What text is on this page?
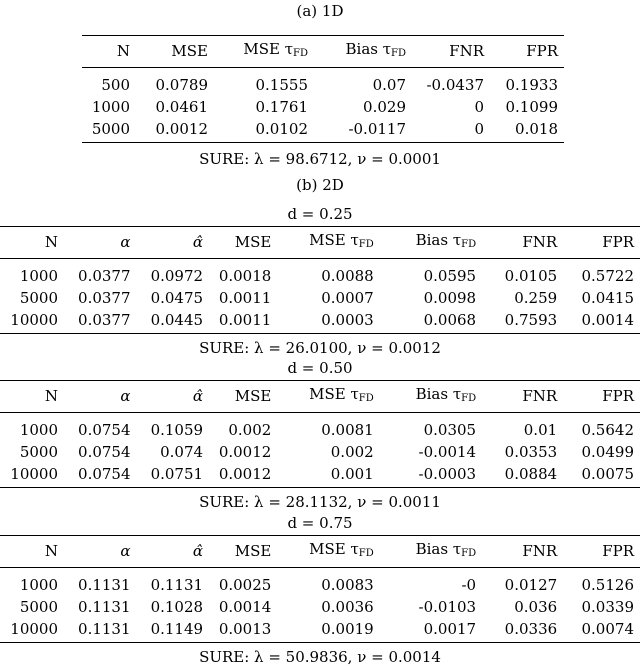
(a) 1D
N	MSE	MSE $\tau_{FD}$	Bias $\tau_{FD}$	FNR	FPR
500	0.0789	0.1555	0.07	-0.0437	0.1933
1000	0.0461	0.1761	0.029	0	0.1099
5000	0.0012	0.0102	-0.0117	0	0.018
SURE: λ = 98.6712, ν = 0.0001
(b) 2D
d = 0.25
N	α	α̂	MSE	MSE $\tau_{FD}$	Bias $\tau_{FD}$	FNR	FPR
1000	0.0377	0.0972	0.0018	0.0088	0.0595	0.0105	0.5722
5000	0.0377	0.0475	0.0011	0.0007	0.0098	0.259	0.0415
10000	0.0377	0.0445	0.0011	0.0003	0.0068	0.7593	0.0014
SURE: λ = 26.0100, ν = 0.0012
d = 0.50
N	α	α̂	MSE	MSE $\tau_{FD}$	Bias $\tau_{FD}$	FNR	FPR
1000	0.0754	0.1059	0.002	0.0081	0.0305	0.01	0.5642
5000	0.0754	0.074	0.0012	0.002	-0.0014	0.0353	0.0499
10000	0.0754	0.0751	0.0012	0.001	-0.0003	0.0884	0.0075
SURE: λ = 28.1132, ν = 0.0011
d = 0.75
N	α	α̂	MSE	MSE $\tau_{FD}$	Bias $\tau_{FD}$	FNR	FPR
1000	0.1131	0.1131	0.0025	0.0083	-0	0.0127	0.5126
5000	0.1131	0.1028	0.0014	0.0036	-0.0103	0.036	0.0339
10000	0.1131	0.1149	0.0013	0.0019	0.0017	0.0336	0.0074
SURE: λ = 50.9836, ν = 0.0014
